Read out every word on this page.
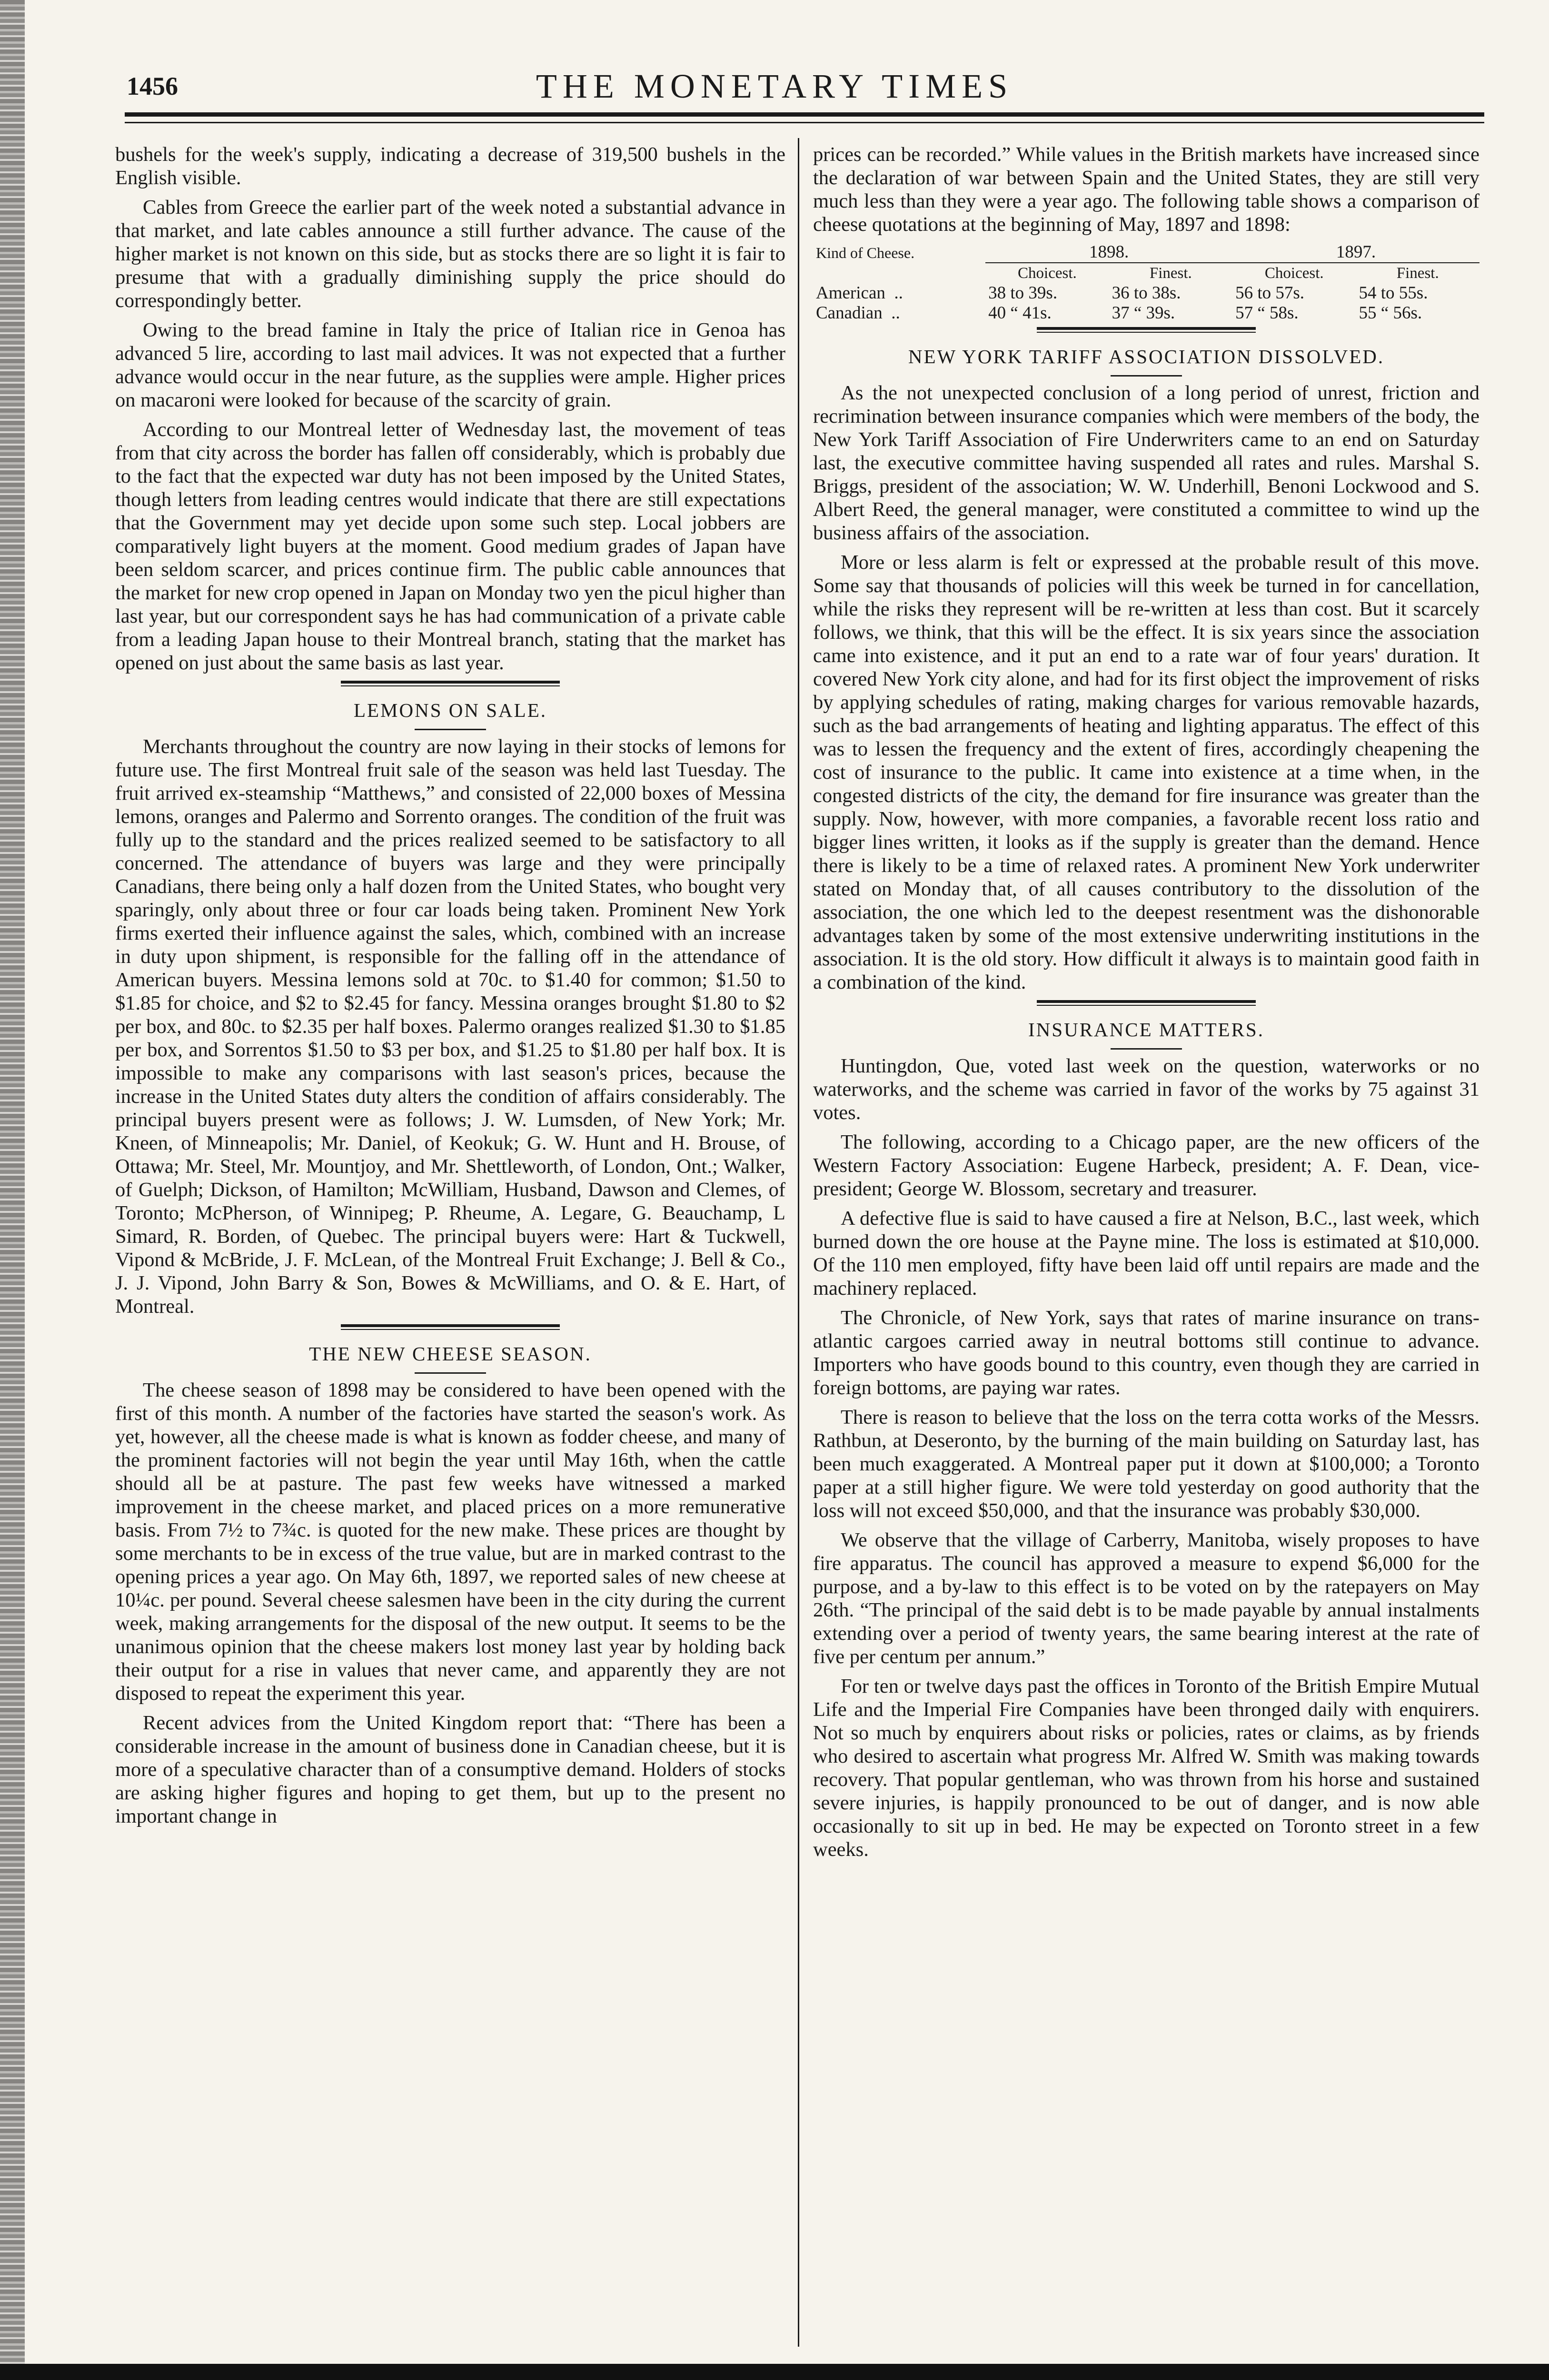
1456	THE MONETARY TIMES

bushels for the week's supply, indicating a decrease of 319,500 bushels in the English visible.

Cables from Greece the earlier part of the week noted a substantial advance in that market, and late cables announce a still further advance. The cause of the higher market is not known on this side, but as stocks there are so light it is fair to presume that with a gradually diminishing supply the price should do correspondingly better.

Owing to the bread famine in Italy the price of Italian rice in Genoa has advanced 5 lire, according to last mail advices. It was not expected that a further advance would occur in the near future, as the supplies were ample. Higher prices on macaroni were looked for because of the scarcity of grain.

According to our Montreal letter of Wednesday last, the movement of teas from that city across the border has fallen off considerably, which is probably due to the fact that the expected war duty has not been imposed by the United States, though letters from leading centres would indicate that there are still expectations that the Government may yet decide upon some such step. Local jobbers are comparatively light buyers at the moment. Good medium grades of Japan have been seldom scarcer, and prices continue firm. The public cable announces that the market for new crop opened in Japan on Monday two yen the picul higher than last year, but our correspondent says he has had communication of a private cable from a leading Japan house to their Montreal branch, stating that the market has opened on just about the same basis as last year.

LEMONS ON SALE.

Merchants throughout the country are now laying in their stocks of lemons for future use. The first Montreal fruit sale of the season was held last Tuesday. The fruit arrived ex-steamship “Matthews,” and consisted of 22,000 boxes of Messina lemons, oranges and Palermo and Sorrento oranges. The condition of the fruit was fully up to the standard and the prices realized seemed to be satisfactory to all concerned. The attendance of buyers was large and they were principally Canadians, there being only a half dozen from the United States, who bought very sparingly, only about three or four car loads being taken. Prominent New York firms exerted their influence against the sales, which, combined with an increase in duty upon shipment, is responsible for the falling off in the attendance of American buyers. Messina lemons sold at 70c. to $1.40 for common; $1.50 to $1.85 for choice, and $2 to $2.45 for fancy. Messina oranges brought $1.80 to $2 per box, and 80c. to $2.35 per half boxes. Palermo oranges realized $1.30 to $1.85 per box, and Sorrentos $1.50 to $3 per box, and $1.25 to $1.80 per half box. It is impossible to make any comparisons with last season's prices, because the increase in the United States duty alters the condition of affairs considerably. The principal buyers present were as follows; J. W. Lumsden, of New York; Mr. Kneen, of Minneapolis; Mr. Daniel, of Keokuk; G. W. Hunt and H. Brouse, of Ottawa; Mr. Steel, Mr. Mountjoy, and Mr. Shettleworth, of London, Ont.; Walker, of Guelph; Dickson, of Hamilton; McWilliam, Husband, Dawson and Clemes, of Toronto; McPherson, of Winnipeg; P. Rheume, A. Legare, G. Beauchamp, L Simard, R. Borden, of Quebec. The principal buyers were: Hart & Tuckwell, Vipond & McBride, J. F. McLean, of the Montreal Fruit Exchange; J. Bell & Co., J. J. Vipond, John Barry & Son, Bowes & McWilliams, and O. & E. Hart, of Montreal.

THE NEW CHEESE SEASON.

The cheese season of 1898 may be considered to have been opened with the first of this month. A number of the factories have started the season's work. As yet, however, all the cheese made is what is known as fodder cheese, and many of the prominent factories will not begin the year until May 16th, when the cattle should all be at pasture. The past few weeks have witnessed a marked improvement in the cheese market, and placed prices on a more remunerative basis. From 7½ to 7¾c. is quoted for the new make. These prices are thought by some merchants to be in excess of the true value, but are in marked contrast to the opening prices a year ago. On May 6th, 1897, we reported sales of new cheese at 10¼c. per pound. Several cheese salesmen have been in the city during the current week, making arrangements for the disposal of the new output. It seems to be the unanimous opinion that the cheese makers lost money last year by holding back their output for a rise in values that never came, and apparently they are not disposed to repeat the experiment this year.

Recent advices from the United Kingdom report that: “There has been a considerable increase in the amount of business done in Canadian cheese, but it is more of a speculative character than of a consumptive demand. Holders of stocks are asking higher figures and hoping to get them, but up to the present no important change in

prices can be recorded.” While values in the British markets have increased since the declaration of war between Spain and the United States, they are still very much less than they were a year ago. The following table shows a comparison of cheese quotations at the beginning of May, 1897 and 1898:

Kind of Cheese.	1898.		1897.	
	Choicest.	Finest.	Choicest.	Finest.
American ..	38 to 39s.	36 to 38s.	56 to 57s.	54 to 55s.
Canadian ..	40 “ 41s.	37 “ 39s.	57 “ 58s.	55 “ 56s.
NEW YORK TARIFF ASSOCIATION DISSOLVED.

As the not unexpected conclusion of a long period of unrest, friction and recrimination between insurance companies which were members of the body, the New York Tariff Association of Fire Underwriters came to an end on Saturday last, the executive committee having suspended all rates and rules. Marshal S. Briggs, president of the association; W. W. Underhill, Benoni Lockwood and S. Albert Reed, the general manager, were constituted a committee to wind up the business affairs of the association.

More or less alarm is felt or expressed at the probable result of this move. Some say that thousands of policies will this week be turned in for cancellation, while the risks they represent will be re-written at less than cost. But it scarcely follows, we think, that this will be the effect. It is six years since the association came into existence, and it put an end to a rate war of four years' duration. It covered New York city alone, and had for its first object the improvement of risks by applying schedules of rating, making charges for various removable hazards, such as the bad arrangements of heating and lighting apparatus. The effect of this was to lessen the frequency and the extent of fires, accordingly cheapening the cost of insurance to the public. It came into existence at a time when, in the congested districts of the city, the demand for fire insurance was greater than the supply. Now, however, with more companies, a favorable recent loss ratio and bigger lines written, it looks as if the supply is greater than the demand. Hence there is likely to be a time of relaxed rates. A prominent New York underwriter stated on Monday that, of all causes contributory to the dissolution of the association, the one which led to the deepest resentment was the dishonorable advantages taken by some of the most extensive underwriting institutions in the association. It is the old story. How difficult it always is to maintain good faith in a combination of the kind.

INSURANCE MATTERS.

Huntingdon, Que, voted last week on the question, waterworks or no waterworks, and the scheme was carried in favor of the works by 75 against 31 votes.

The following, according to a Chicago paper, are the new officers of the Western Factory Association: Eugene Harbeck, president; A. F. Dean, vice-president; George W. Blossom, secretary and treasurer.

A defective flue is said to have caused a fire at Nelson, B.C., last week, which burned down the ore house at the Payne mine. The loss is estimated at $10,000. Of the 110 men employed, fifty have been laid off until repairs are made and the machinery replaced.

The Chronicle, of New York, says that rates of marine insurance on trans-atlantic cargoes carried away in neutral bottoms still continue to advance. Importers who have goods bound to this country, even though they are carried in foreign bottoms, are paying war rates.

There is reason to believe that the loss on the terra cotta works of the Messrs. Rathbun, at Deseronto, by the burning of the main building on Saturday last, has been much exaggerated. A Montreal paper put it down at $100,000; a Toronto paper at a still higher figure. We were told yesterday on good authority that the loss will not exceed $50,000, and that the insurance was probably $30,000.

We observe that the village of Carberry, Manitoba, wisely proposes to have fire apparatus. The council has approved a measure to expend $6,000 for the purpose, and a by-law to this effect is to be voted on by the ratepayers on May 26th. “The principal of the said debt is to be made payable by annual instalments extending over a period of twenty years, the same bearing interest at the rate of five per centum per annum.”

For ten or twelve days past the offices in Toronto of the British Empire Mutual Life and the Imperial Fire Companies have been thronged daily with enquirers. Not so much by enquirers about risks or policies, rates or claims, as by friends who desired to ascertain what progress Mr. Alfred W. Smith was making towards recovery. That popular gentleman, who was thrown from his horse and sustained severe injuries, is happily pronounced to be out of danger, and is now able occasionally to sit up in bed. He may be expected on Toronto street in a few weeks.
